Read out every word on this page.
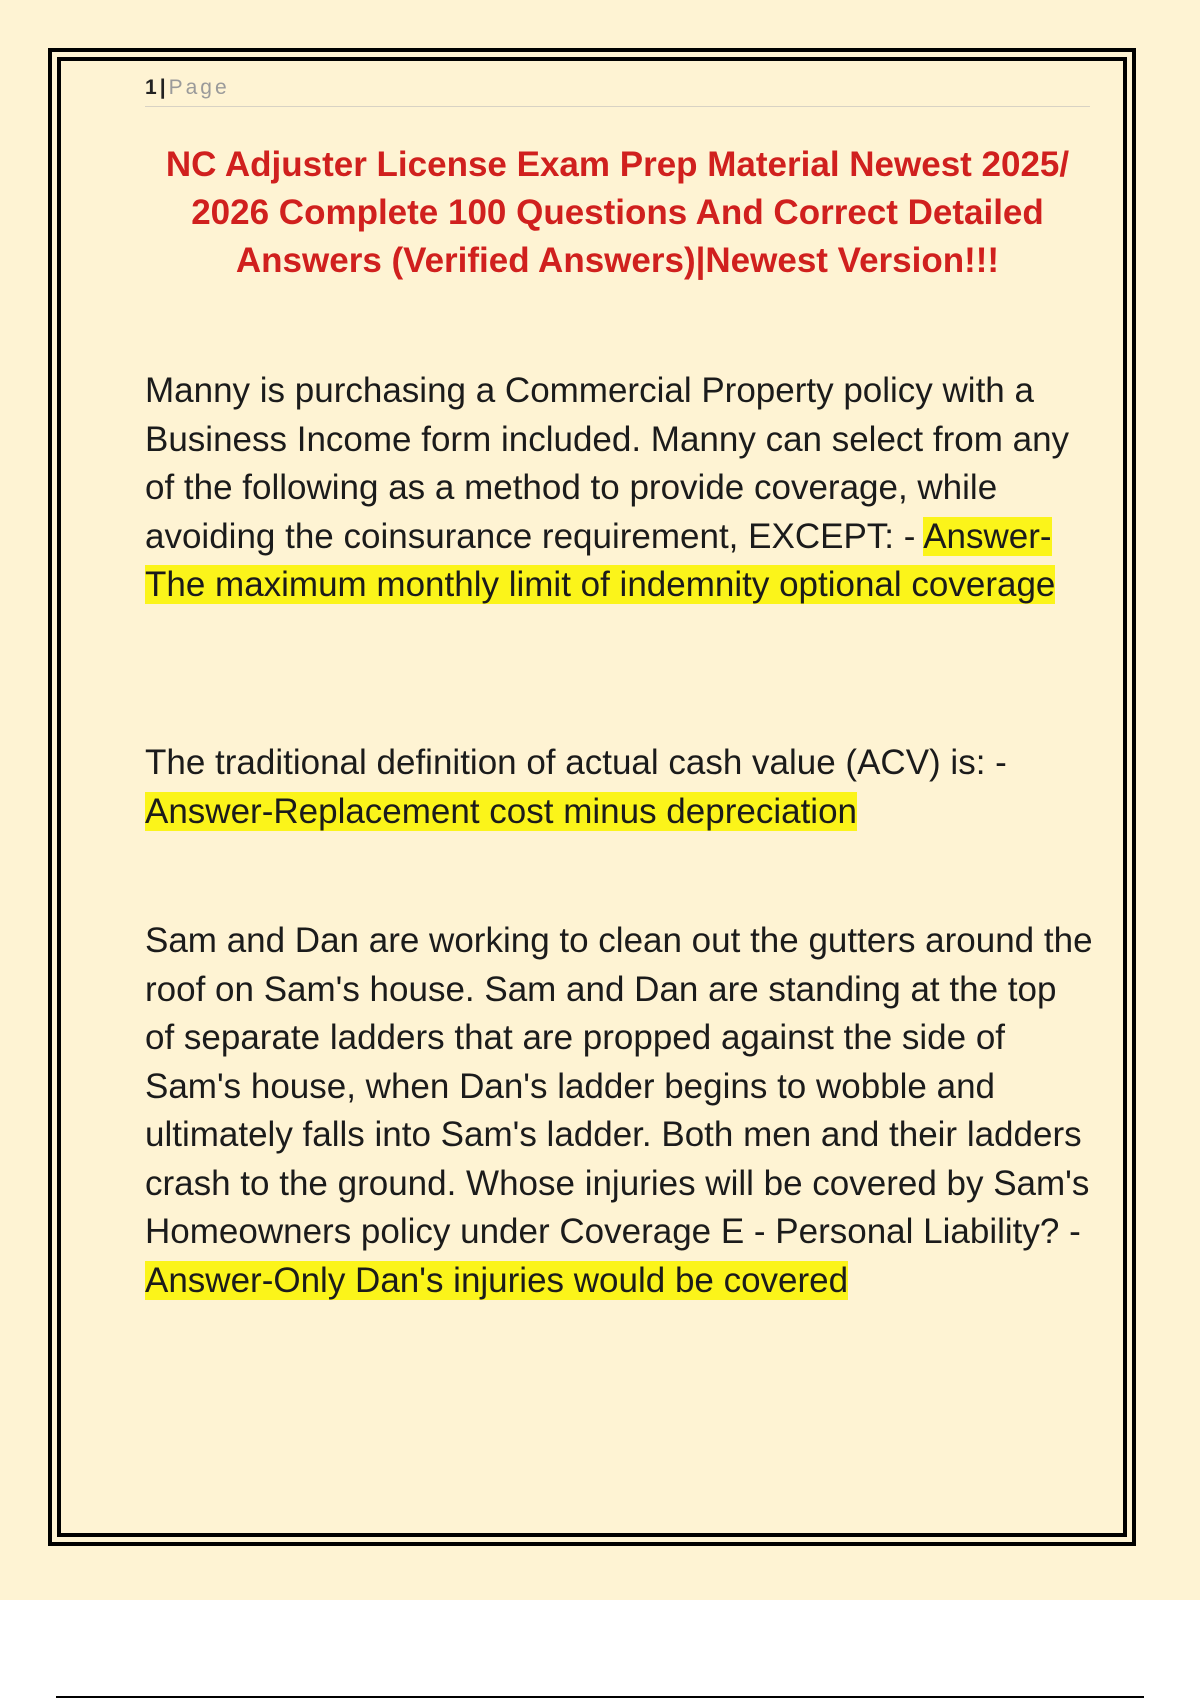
1 | Page
NC Adjuster License Exam Prep Material Newest 2025/ 2026 Complete 100 Questions And Correct Detailed Answers (Verified Answers)|Newest Version!!!

Manny is purchasing a Commercial Property policy with a Business Income form included. Manny can select from any of the following as a method to provide coverage, while avoiding the coinsurance requirement, EXCEPT: - Answer-The maximum monthly limit of indemnity optional coverage

The traditional definition of actual cash value (ACV) is: - Answer-Replacement cost minus depreciation

Sam and Dan are working to clean out the gutters around the roof on Sam's house. Sam and Dan are standing at the top of separate ladders that are propped against the side of Sam's house, when Dan's ladder begins to wobble and ultimately falls into Sam's ladder. Both men and their ladders crash to the ground. Whose injuries will be covered by Sam's Homeowners policy under Coverage E - Personal Liability? - Answer-Only Dan's injuries would be covered
